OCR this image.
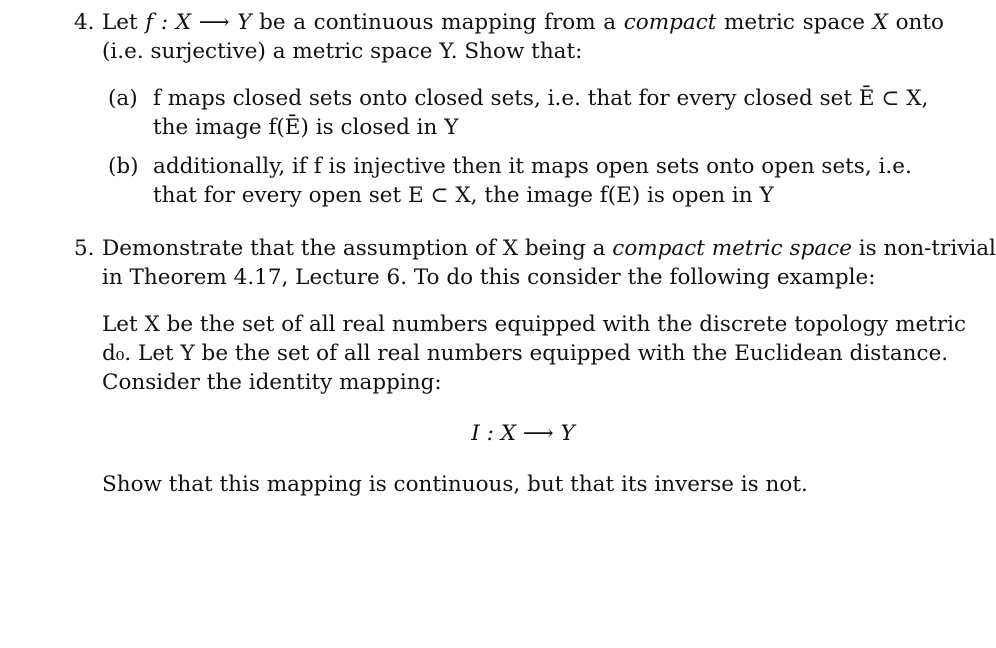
4. Let f : X ⟶ Y be a continuous mapping from a compact metric space X onto
(i.e. surjective) a metric space Y. Show that:
(a) f maps closed sets onto closed sets, i.e. that for every closed set Ē ⊂ X,
the image f(Ē) is closed in Y
(b) additionally, if f is injective then it maps open sets onto open sets, i.e.
that for every open set E ⊂ X, the image f(E) is open in Y
5. Demonstrate that the assumption of X being a compact metric space is non-trivial
in Theorem 4.17, Lecture 6. To do this consider the following example:
Let X be the set of all real numbers equipped with the discrete topology metric
d₀. Let Y be the set of all real numbers equipped with the Euclidean distance.
Consider the identity mapping:
I : X ⟶ Y
Show that this mapping is continuous, but that its inverse is not.
